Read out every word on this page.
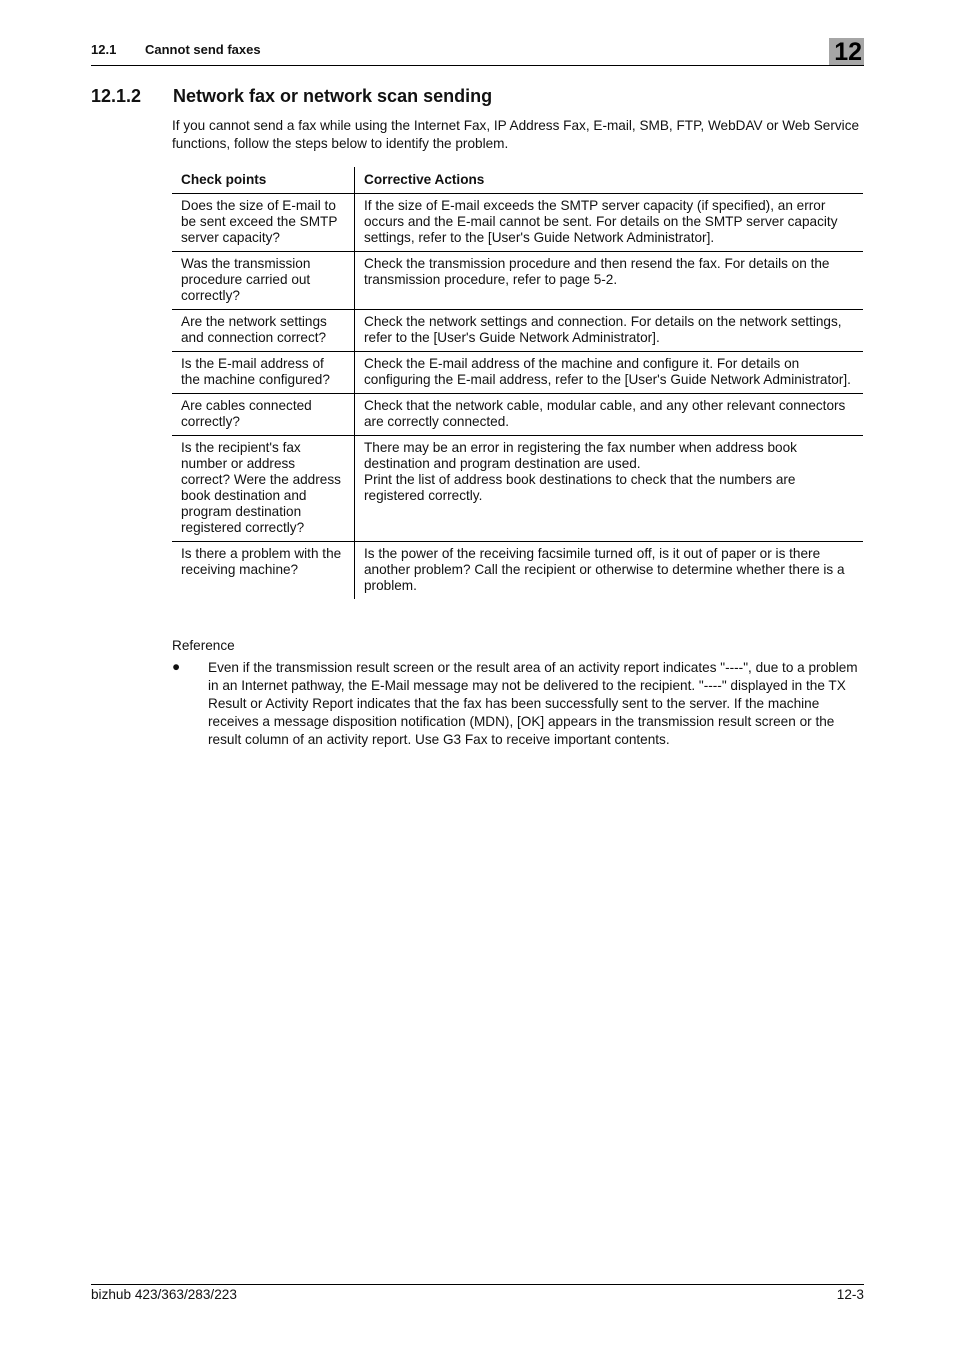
12.1 Cannot send faxes	12
12.1.2 Network fax or network scan sending
If you cannot send a fax while using the Internet Fax, IP Address Fax, E-mail, SMB, FTP, WebDAV or Web Service functions, follow the steps below to identify the problem.
Check points	Corrective Actions
Does the size of E-mail to be sent exceed the SMTP server capacity?	If the size of E-mail exceeds the SMTP server capacity (if specified), an error occurs and the E-mail cannot be sent. For details on the SMTP server capacity settings, refer to the [User's Guide Network Administrator].
Was the transmission procedure carried out correctly?	Check the transmission procedure and then resend the fax. For details on the transmission procedure, refer to page 5-2.
Are the network settings and connection correct?	Check the network settings and connection. For details on the network settings, refer to the [User's Guide Network Administrator].
Is the E-mail address of the machine configured?	Check the E-mail address of the machine and configure it. For details on configuring the E-mail address, refer to the [User's Guide Network Administrator].
Are cables connected correctly?	Check that the network cable, modular cable, and any other relevant connectors are correctly connected.
Is the recipient's fax number or address correct? Were the address book destination and program destination registered correctly?	There may be an error in registering the fax number when address book destination and program destination are used.
Print the list of address book destinations to check that the numbers are registered correctly.

Is there a problem with the receiving machine?	Is the power of the receiving facsimile turned off, is it out of paper or is there another problem? Call the recipient or otherwise to determine whether there is a problem.
Reference
● Even if the transmission result screen or the result area of an activity report indicates "----", due to a problem in an Internet pathway, the E-Mail message may not be delivered to the recipient. "----" displayed in the TX Result or Activity Report indicates that the fax has been successfully sent to the server. If the machine receives a message disposition notification (MDN), [OK] appears in the transmission result screen or the result column of an activity report. Use G3 Fax to receive important contents.
bizhub 423/363/283/223	12-3
